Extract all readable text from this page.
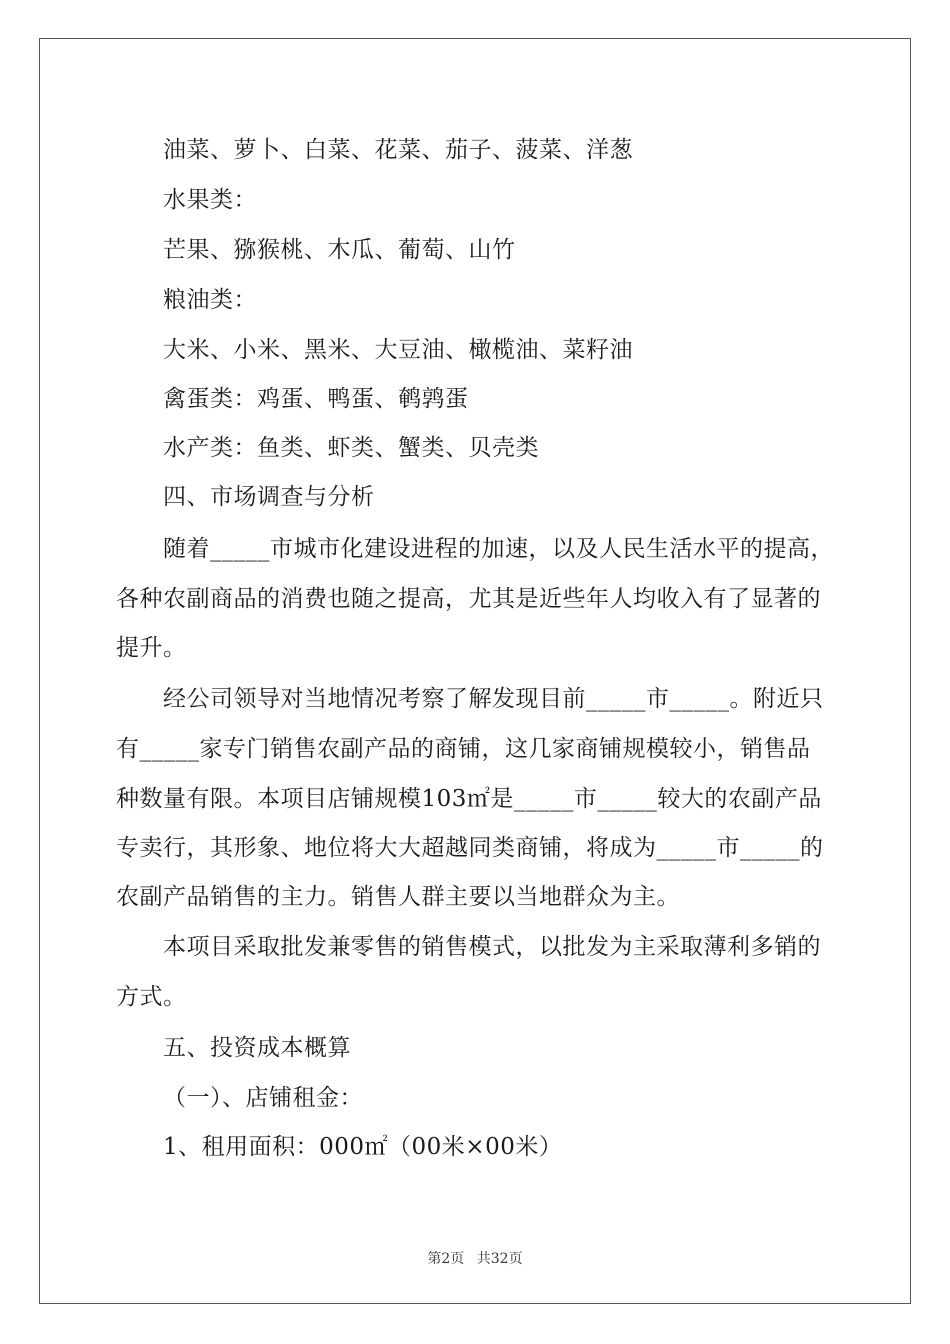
油菜、萝卜、白菜、花菜、茄子、菠菜、洋葱
水果类：
芒果、猕猴桃、木瓜、葡萄、山竹
粮油类：
大米、小米、黑米、大豆油、橄榄油、菜籽油
禽蛋类：鸡蛋、鸭蛋、鹌鹑蛋
水产类：鱼类、虾类、蟹类、贝壳类
四、市场调查与分析
随着_____市城市化建设进程的加速，以及人民生活水平的提高，
各种农副商品的消费也随之提高，尤其是近些年人均收入有了显著的
提升。
经公司领导对当地情况考察了解发现目前_____市_____。附近只
有_____家专门销售农副产品的商铺，这几家商铺规模较小，销售品
种数量有限。本项目店铺规模103㎡是_____市_____较大的农副产品
专卖行，其形象、地位将大大超越同类商铺，将成为_____市_____的
农副产品销售的主力。销售人群主要以当地群众为主。
本项目采取批发兼零售的销售模式，以批发为主采取薄利多销的
方式。
五、投资成本概算
（一）、店铺租金：
1、租用面积：000㎡（00米×00米）
第2页 共32页
